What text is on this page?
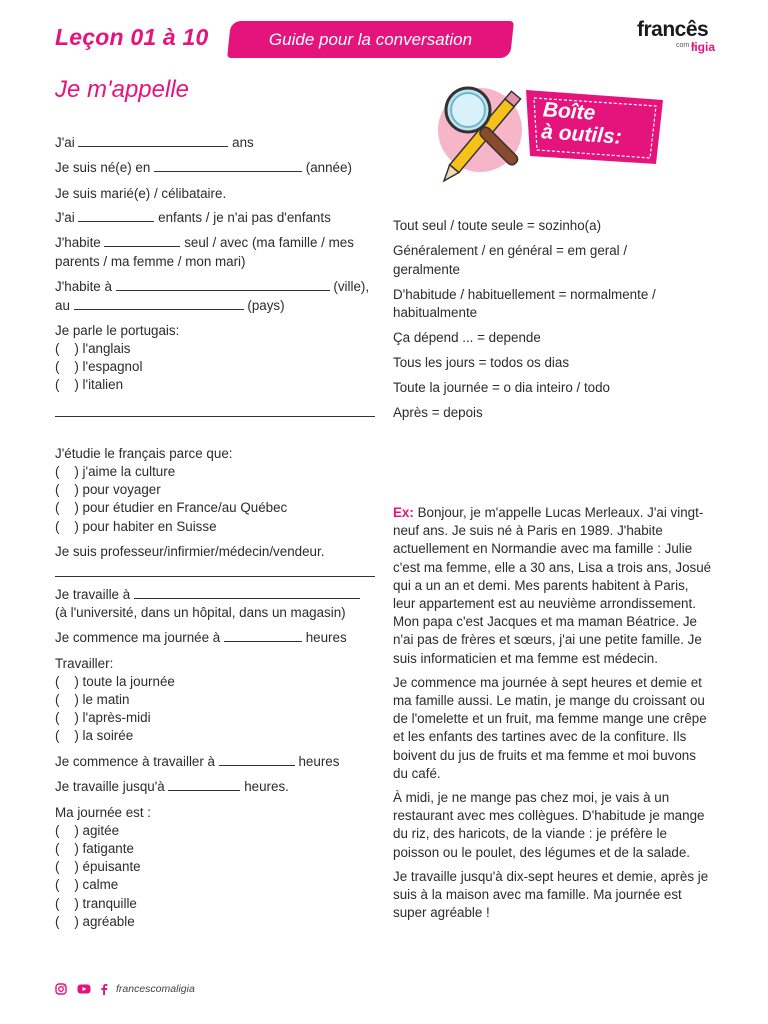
Leçon 01 à 10	Guide pour la conversation	francês
com a
ligia
Je m'appelle
Boîte
à outils:
J'ai	ans
Je suis né(e) en	(année)
Je suis marié(e) / célibataire.
J'ai	enfants / je n'ai pas d'enfants
J'habite	seul / avec (ma famille / mes
parents / ma femme / mon mari)
J'habite à	(ville),
au	(pays)
Je parle le portugais:
(    ) l'anglais
(    ) l'espagnol
(    ) l'italien
J'étudie le français parce que:
(    ) j'aime la culture
(    ) pour voyager
(    ) pour étudier en France/au Québec
(    ) pour habiter en Suisse
Je suis professeur/infirmier/médecin/vendeur.
Je travaille à
(à l'université, dans un hôpital, dans un magasin)
Je commence ma journée à	heures
Travailler:
(    ) toute la journée
(    ) le matin
(    ) l'après-midi
(    ) la soirée
Je commence à travailler à	heures
Je travaille jusqu'à	heures.
Ma journée est :
(    ) agitée
(    ) fatigante
(    ) épuisante
(    ) calme
(    ) tranquille
(    ) agréable
Tout seul / toute seule = sozinho(a)
Généralement / en général = em geral /
geralmente
D'habitude / habituellement = normalmente /
habitualmente
Ça dépend ... = depende
Tous les jours = todos os dias
Toute la journée = o dia inteiro / todo
Après = depois

Ex: Bonjour, je m'appelle Lucas Merleaux. J'ai vingt-neuf ans. Je suis né à Paris en 1989. J'habite actuellement en Normandie avec ma famille : Julie c'est ma femme, elle a 30 ans, Lisa a trois ans, Josué qui a un an et demi. Mes parents habitent à Paris, leur appartement est au neuvième arrondissement. Mon papa c'est Jacques et ma maman Béatrice. Je n'ai pas de frères et sœurs, j'ai une petite famille. Je suis informaticien et ma femme est médecin.

Je commence ma journée à sept heures et demie et ma famille aussi. Le matin, je mange du croissant ou de l'omelette et un fruit, ma femme mange une crêpe et les enfants des tartines avec de la confiture. Ils boivent du jus de fruits et ma femme et moi buvons du café.

À midi, je ne mange pas chez moi, je vais à un restaurant avec mes collègues. D'habitude je mange du riz, des haricots, de la viande : je préfère le poisson ou le poulet, des légumes et de la salade.

Je travaille jusqu'à dix-sept heures et demie, après je suis à la maison avec ma famille. Ma journée est super agréable !

francescomaligia
